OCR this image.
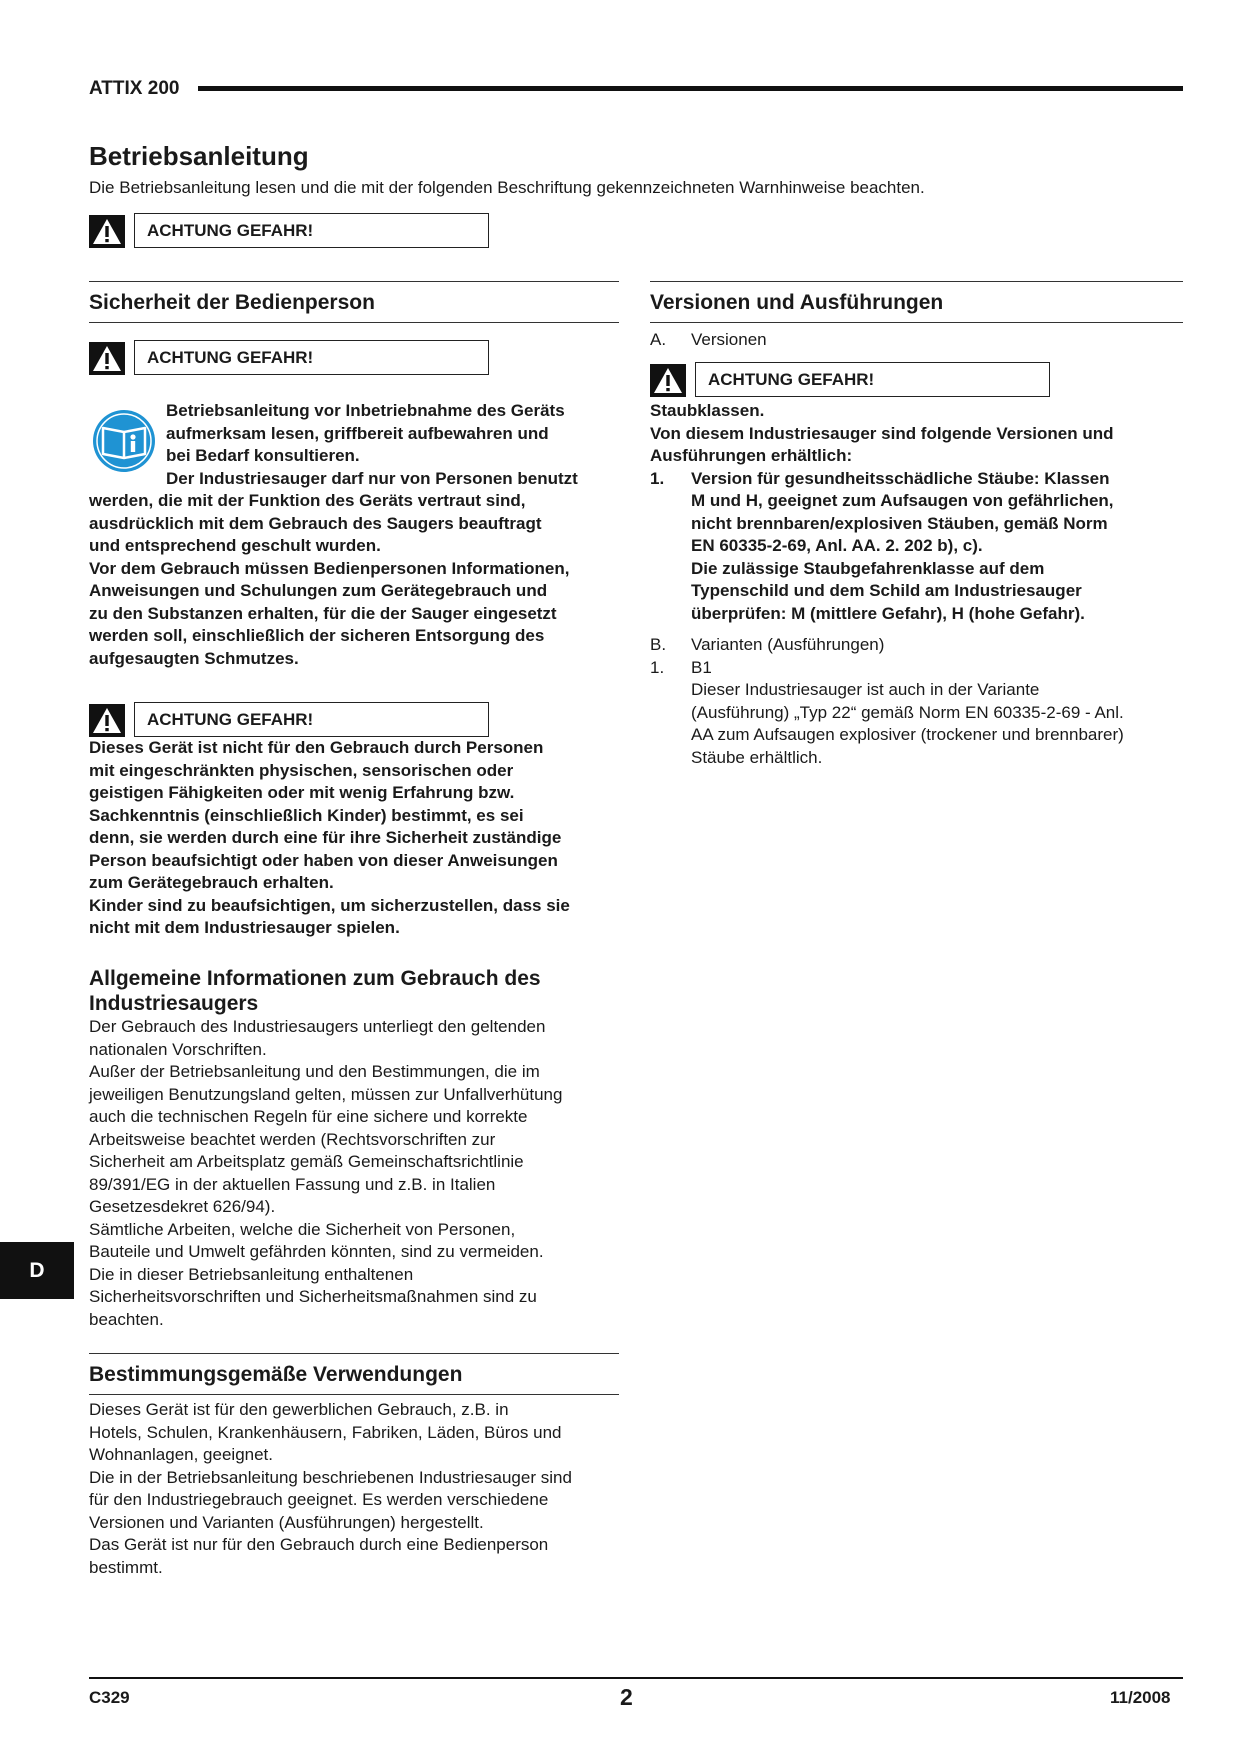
ATTIX 200
Betriebsanleitung
Die Betriebsanleitung lesen und die mit der folgenden Beschriftung gekennzeichneten Warnhinweise beachten.
ACHTUNG GEFAHR!
Sicherheit der Bedienperson
ACHTUNG GEFAHR!
Betriebsanleitung vor Inbetriebnahme des Geräts
aufmerksam lesen, griffbereit aufbewahren und
bei Bedarf konsultieren.
Der Industriesauger darf nur von Personen benutzt
werden, die mit der Funktion des Geräts vertraut sind,
ausdrücklich mit dem Gebrauch des Saugers beauftragt
und entsprechend geschult wurden.
Vor dem Gebrauch müssen Bedienpersonen Informationen,
Anweisungen und Schulungen zum Gerätegebrauch und
zu den Substanzen erhalten, für die der Sauger eingesetzt
werden soll, einschließlich der sicheren Entsorgung des
aufgesaugten Schmutzes.
ACHTUNG GEFAHR!
Dieses Gerät ist nicht für den Gebrauch durch Personen
mit eingeschränkten physischen, sensorischen oder
geistigen Fähigkeiten oder mit wenig Erfahrung bzw.
Sachkenntnis (einschließlich Kinder) bestimmt, es sei
denn, sie werden durch eine für ihre Sicherheit zuständige
Person beaufsichtigt oder haben von dieser Anweisungen
zum Gerätegebrauch erhalten.
Kinder sind zu beaufsichtigen, um sicherzustellen, dass sie
nicht mit dem Industriesauger spielen.
Allgemeine Informationen zum Gebrauch des
Industriesaugers
Der Gebrauch des Industriesaugers unterliegt den geltenden
nationalen Vorschriften.
Außer der Betriebsanleitung und den Bestimmungen, die im
jeweiligen Benutzungsland gelten, müssen zur Unfallverhütung
auch die technischen Regeln für eine sichere und korrekte
Arbeitsweise beachtet werden (Rechtsvorschriften zur
Sicherheit am Arbeitsplatz gemäß Gemeinschaftsrichtlinie
89/391/EG in der aktuellen Fassung und z.B. in Italien
Gesetzesdekret 626/94).
Sämtliche Arbeiten, welche die Sicherheit von Personen,
Bauteile und Umwelt gefährden könnten, sind zu vermeiden.
Die in dieser Betriebsanleitung enthaltenen
Sicherheitsvorschriften und Sicherheitsmaßnahmen sind zu
beachten.
Bestimmungsgemäße Verwendungen
Dieses Gerät ist für den gewerblichen Gebrauch, z.B. in
Hotels, Schulen, Krankenhäusern, Fabriken, Läden, Büros und
Wohnanlagen, geeignet.
Die in der Betriebsanleitung beschriebenen Industriesauger sind
für den Industriegebrauch geeignet. Es werden verschiedene
Versionen und Varianten (Ausführungen) hergestellt.
Das Gerät ist nur für den Gebrauch durch eine Bedienperson
bestimmt.
Versionen und Ausführungen
A.	Versionen
ACHTUNG GEFAHR!
Staubklassen.
Von diesem Industriesauger sind folgende Versionen und
Ausführungen erhältlich:
1.	Version für gesundheitsschädliche Stäube: Klassen
M und H, geeignet zum Aufsaugen von gefährlichen,
nicht brennbaren/explosiven Stäuben, gemäß Norm
EN 60335-2-69, Anl. AA. 2. 202 b), c).
Die zulässige Staubgefahrenklasse auf dem
Typenschild und dem Schild am Industriesauger
überprüfen: M (mittlere Gefahr), H (hohe Gefahr).
B.	Varianten (Ausführungen)
1.	B1
Dieser Industriesauger ist auch in der Variante
(Ausführung) „Typ 22“ gemäß Norm EN 60335-2-69 - Anl.
AA zum Aufsaugen explosiver (trockener und brennbarer)
Stäube erhältlich.
D
C329	2	11/2008
